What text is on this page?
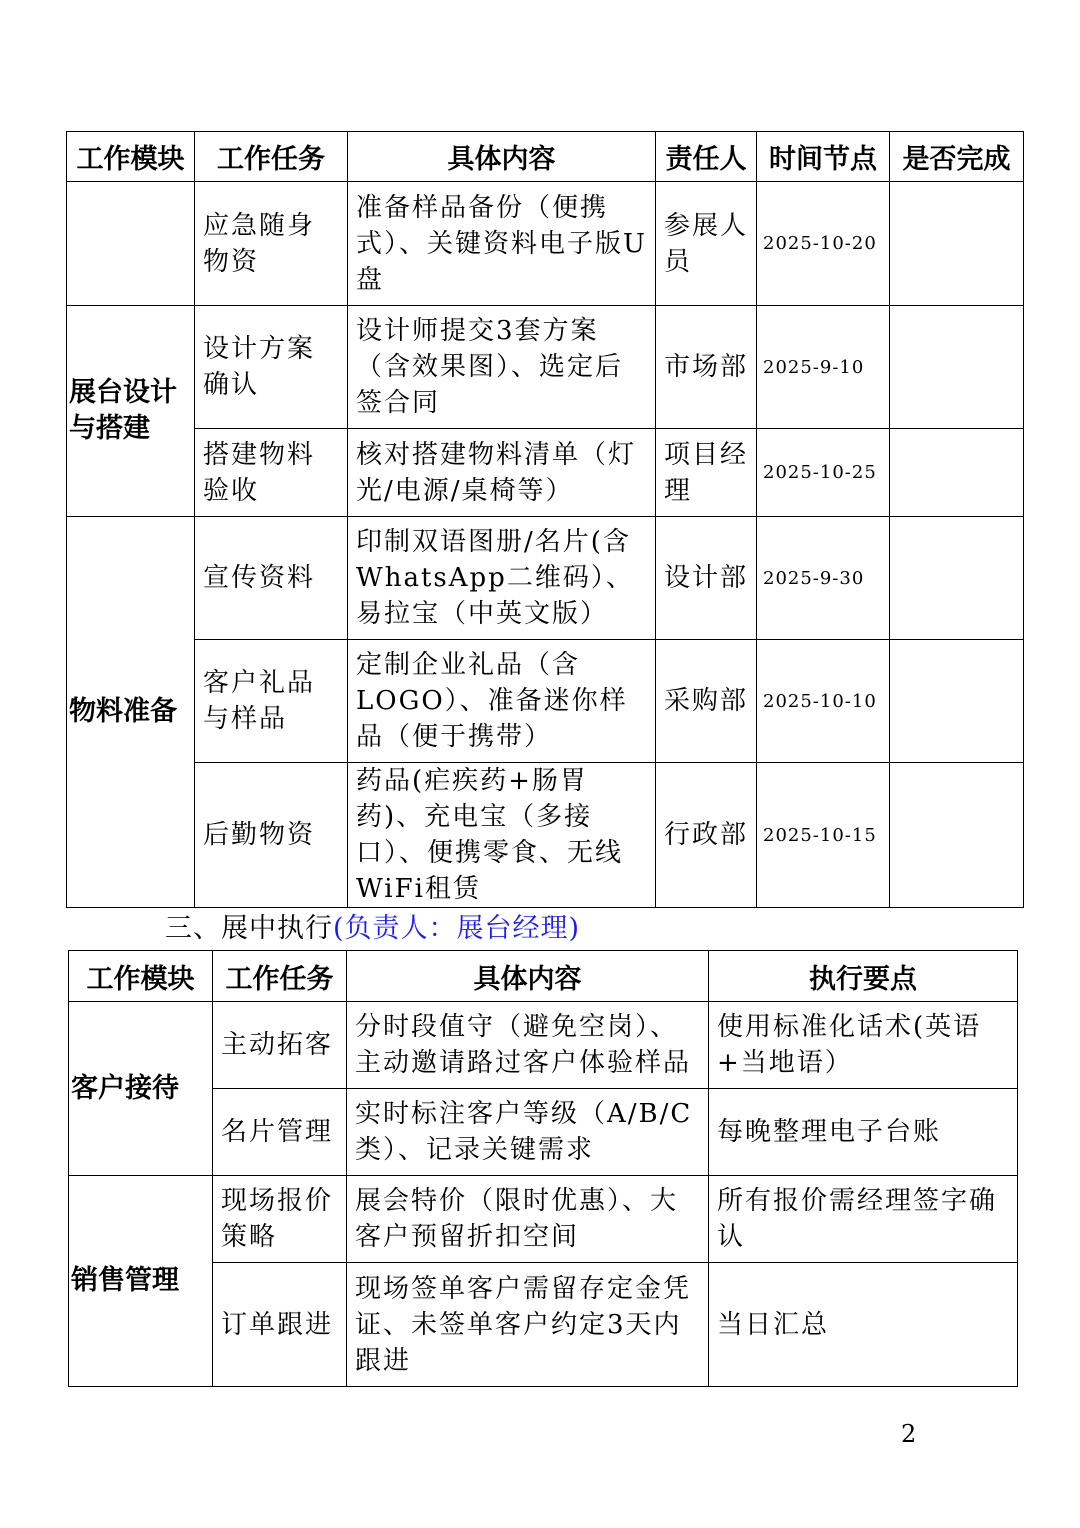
工作模块	工作任务	具体内容	责任人	时间节点	是否完成
	应急随身物资	准备样品备份（便携式）、关键资料电子版U盘	参展人员	2025-10-20	
展台设计与搭建	设计方案确认	设计师提交3套方案（含效果图）、选定后签合同	市场部	2025-9-10	
	搭建物料验收	核对搭建物料清单（灯光/电源/桌椅等）	项目经理	2025-10-25	
物料准备	宣传资料	印制双语图册/名片(含WhatsApp二维码）、易拉宝（中英文版）	设计部	2025-9-30	
	客户礼品与样品	定制企业礼品（含LOGO）、准备迷你样品（便于携带）	采购部	2025-10-10	
	后勤物资	药品(疟疾药+肠胃药)、充电宝（多接口）、便携零食、无线WiFi租赁	行政部	2025-10-15	
三、展中执行(负责人：展台经理)
工作模块	工作任务	具体内容	执行要点
客户接待	主动拓客	分时段值守（避免空岗）、主动邀请路过客户体验样品	使用标准化话术(英语+当地语）
	名片管理	实时标注客户等级（A/B/C类）、记录关键需求	每晚整理电子台账
销售管理	现场报价策略	展会特价（限时优惠）、大客户预留折扣空间	所有报价需经理签字确认
	订单跟进	现场签单客户需留存定金凭证、未签单客户约定3天内跟进	当日汇总
2
